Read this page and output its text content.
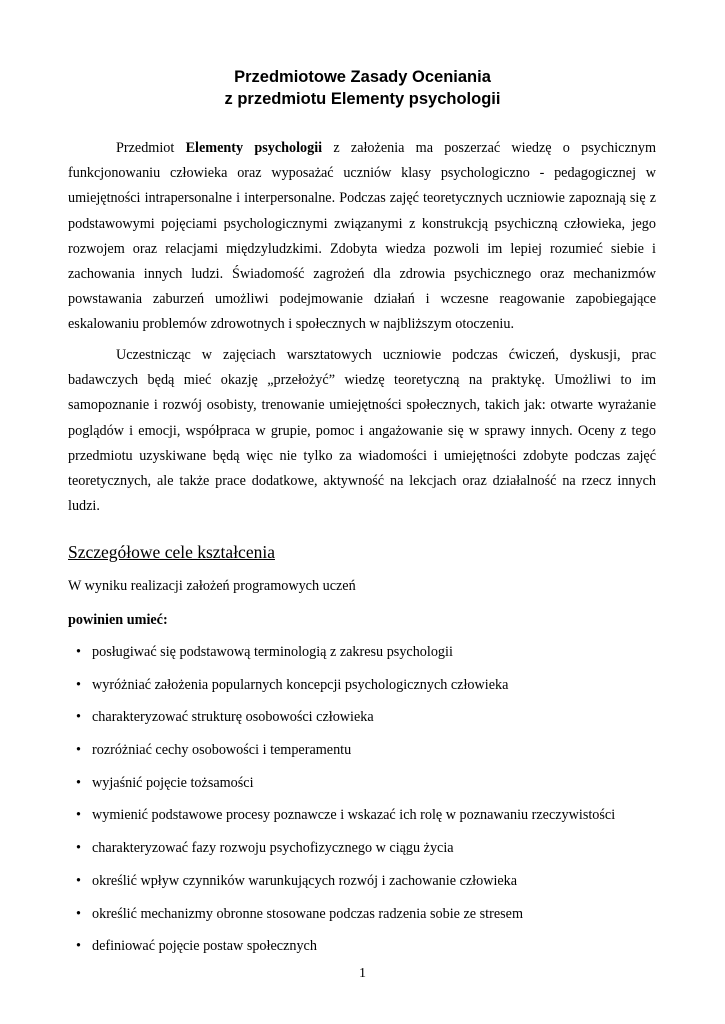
Przedmiotowe Zasady Oceniania
z przedmiotu Elementy psychologii

Przedmiot Elementy psychologii z założenia ma poszerzać wiedzę o psychicznym funkcjonowaniu człowieka oraz wyposażać uczniów klasy psychologiczno - pedagogicznej w umiejętności intrapersonalne i interpersonalne. Podczas zajęć teoretycznych uczniowie zapoznają się z podstawowymi pojęciami psychologicznymi związanymi z konstrukcją psychiczną człowieka, jego rozwojem oraz relacjami międzyludzkimi. Zdobyta wiedza pozwoli im lepiej rozumieć siebie i zachowania innych ludzi. Świadomość zagrożeń dla zdrowia psychicznego oraz mechanizmów powstawania zaburzeń umożliwi podejmowanie działań i wczesne reagowanie zapobiegające eskalowaniu problemów zdrowotnych i społecznych w najbliższym otoczeniu.

Uczestnicząc w zajęciach warsztatowych uczniowie podczas ćwiczeń, dyskusji, prac badawczych będą mieć okazję „przełożyć” wiedzę teoretyczną na praktykę. Umożliwi to im samopoznanie i rozwój osobisty, trenowanie umiejętności społecznych, takich jak: otwarte wyrażanie poglądów i emocji, współpraca w grupie, pomoc i angażowanie się w sprawy innych. Oceny z tego przedmiotu uzyskiwane będą więc nie tylko za wiadomości i umiejętności zdobyte podczas zajęć teoretycznych, ale także prace dodatkowe, aktywność na lekcjach oraz działalność na rzecz innych ludzi.

Szczegółowe cele kształcenia
W wyniku realizacji założeń programowych uczeń
powinien umieć:
• posługiwać się podstawową terminologią z zakresu psychologii
• wyróżniać założenia popularnych koncepcji psychologicznych człowieka
• charakteryzować strukturę osobowości człowieka
• rozróżniać cechy osobowości i temperamentu
• wyjaśnić pojęcie tożsamości
• wymienić podstawowe procesy poznawcze i wskazać ich rolę w poznawaniu rzeczywistości
• charakteryzować fazy rozwoju psychofizycznego w ciągu życia
• określić wpływ czynników warunkujących rozwój i zachowanie człowieka
• określić mechanizmy obronne stosowane podczas radzenia sobie ze stresem
• definiować pojęcie postaw społecznych
1
